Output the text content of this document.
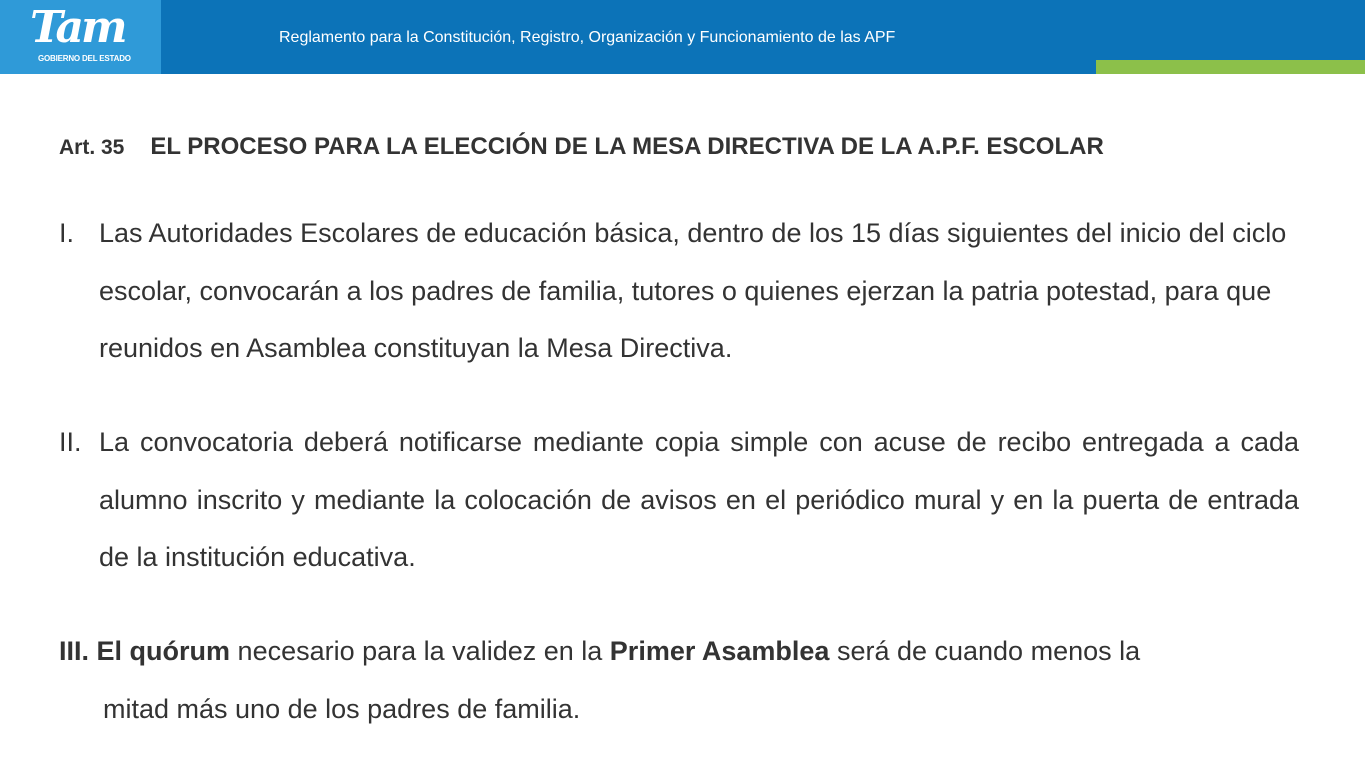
Tam
GOBIERNO DEL ESTADO
Reglamento para la Constitución, Registro, Organización y Funcionamiento de las APF
Art. 35 EL PROCESO PARA LA ELECCIÓN DE LA MESA DIRECTIVA DE LA A.P.F. ESCOLAR
I. Las Autoridades Escolares de educación básica, dentro de los 15 días siguientes del inicio del ciclo escolar, convocarán a los padres de familia, tutores o quienes ejerzan la patria potestad, para que reunidos en Asamblea constituyan la Mesa Directiva.
II. La convocatoria deberá notificarse mediante copia simple con acuse de recibo entregada a cada alumno inscrito y mediante la colocación de avisos en el periódico mural y en la puerta de entrada de la institución educativa.
III. El quórum necesario para la validez en la Primer Asamblea será de cuando menos la

mitad más uno de los padres de familia.
